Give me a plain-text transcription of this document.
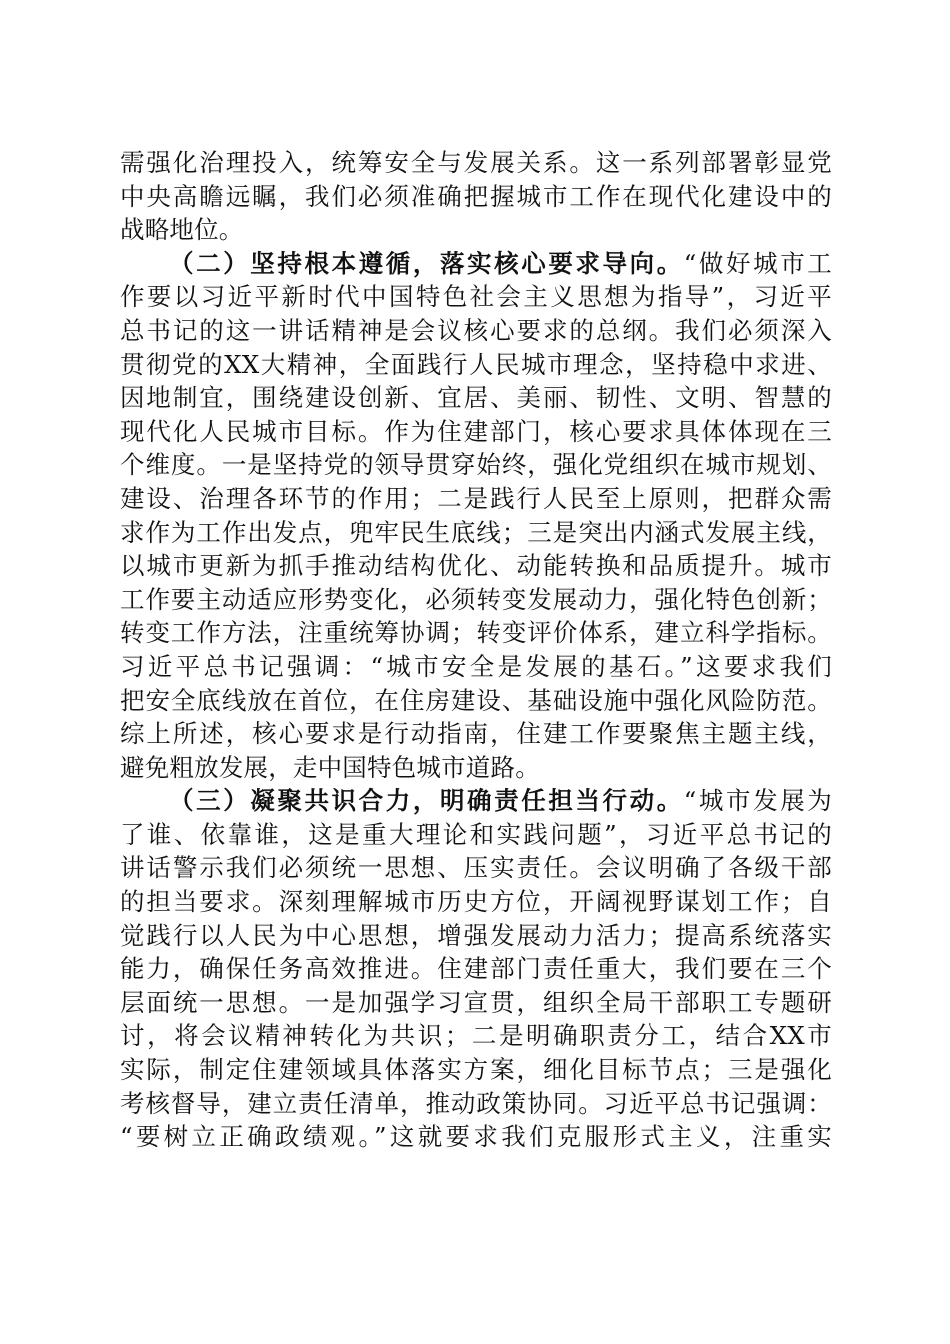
需强化治理投入，统筹安全与发展关系。这一系列部署彰显党
中央高瞻远瞩，我们必须准确把握城市工作在现代化建设中的
战略地位。
（二）坚持根本遵循，落实核心要求导向。“做好城市工
作要以习近平新时代中国特色社会主义思想为指导”，习近平
总书记的这一讲话精神是会议核心要求的总纲。我们必须深入
贯彻党的XX大精神，全面践行人民城市理念，坚持稳中求进、
因地制宜，围绕建设创新、宜居、美丽、韧性、文明、智慧的
现代化人民城市目标。作为住建部门，核心要求具体体现在三
个维度。一是坚持党的领导贯穿始终，强化党组织在城市规划、
建设、治理各环节的作用；二是践行人民至上原则，把群众需
求作为工作出发点，兜牢民生底线；三是突出内涵式发展主线，
以城市更新为抓手推动结构优化、动能转换和品质提升。城市
工作要主动适应形势变化，必须转变发展动力，强化特色创新；
转变工作方法，注重统筹协调；转变评价体系，建立科学指标。
习近平总书记强调：“城市安全是发展的基石。”这要求我们
把安全底线放在首位，在住房建设、基础设施中强化风险防范。
综上所述，核心要求是行动指南，住建工作要聚焦主题主线，
避免粗放发展，走中国特色城市道路。
（三）凝聚共识合力，明确责任担当行动。“城市发展为
了谁、依靠谁，这是重大理论和实践问题”，习近平总书记的
讲话警示我们必须统一思想、压实责任。会议明确了各级干部
的担当要求。深刻理解城市历史方位，开阔视野谋划工作；自
觉践行以人民为中心思想，增强发展动力活力；提高系统落实
能力，确保任务高效推进。住建部门责任重大，我们要在三个
层面统一思想。一是加强学习宣贯，组织全局干部职工专题研
讨，将会议精神转化为共识；二是明确职责分工，结合XX市
实际，制定住建领域具体落实方案，细化目标节点；三是强化
考核督导，建立责任清单，推动政策协同。习近平总书记强调：
“要树立正确政绩观。”这就要求我们克服形式主义，注重实
